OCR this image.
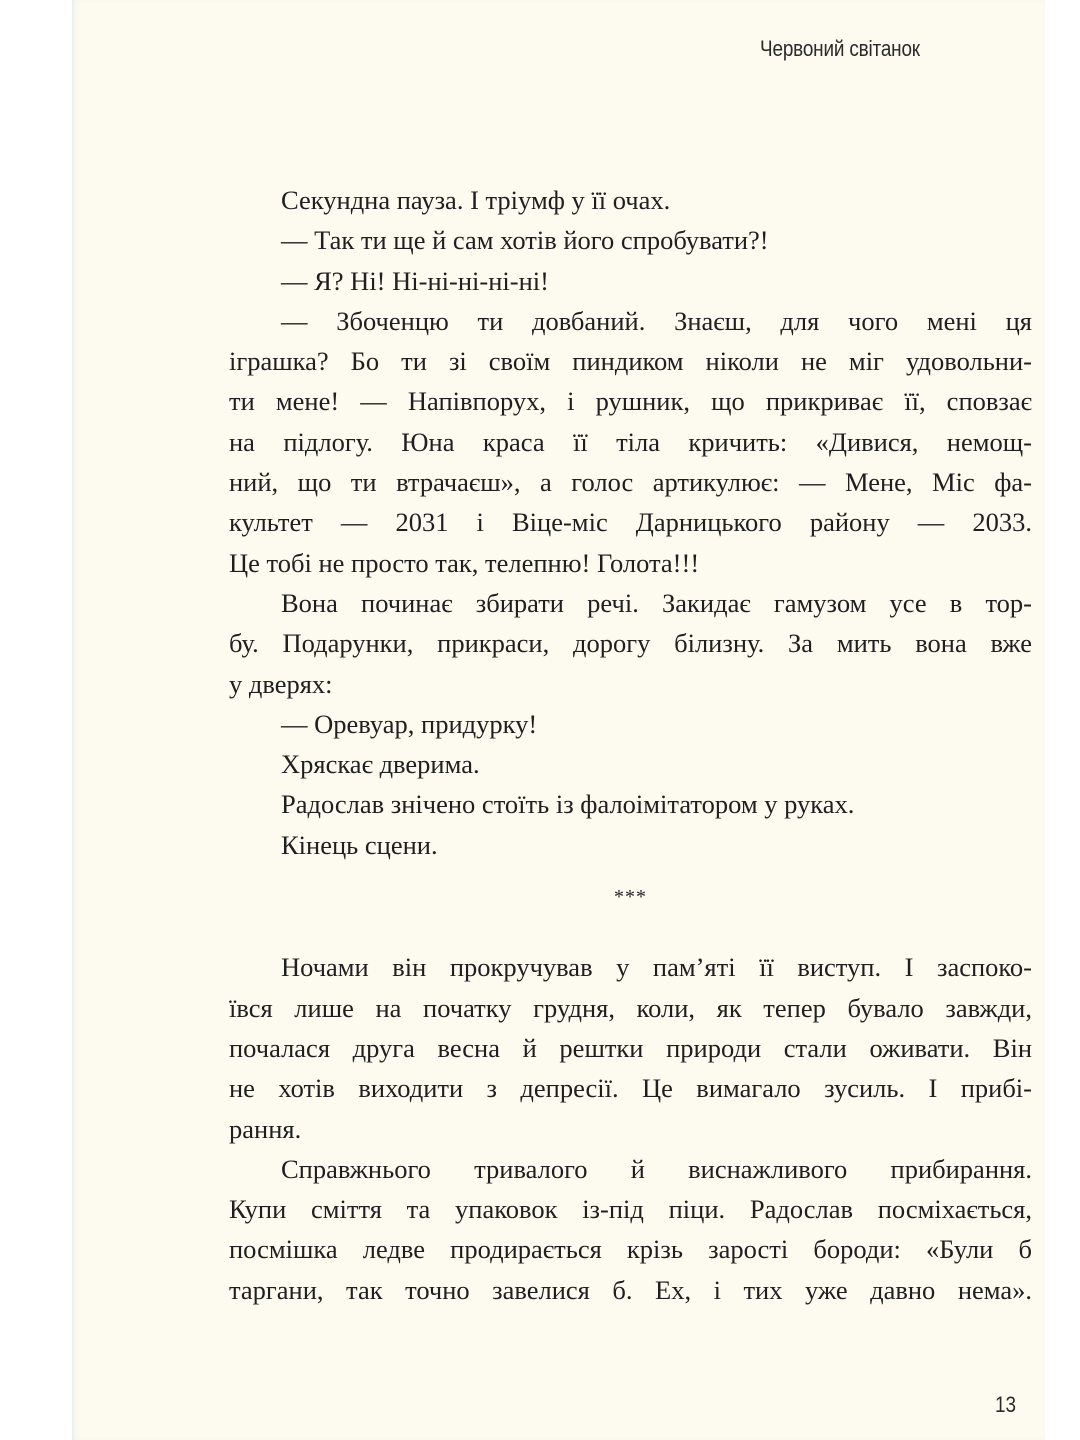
Червоний світанок
Секундна пауза. І тріумф у її очах.
— Так ти ще й сам хотів його спробувати?!
— Я? Ні! Ні-ні-ні-ні-ні!
— Збоченцю ти довбаний. Знаєш, для чого мені ця
іграшка? Бо ти зі своїм пиндиком ніколи не міг удовольни-
ти мене! — Напівпорух, і рушник, що прикриває її, сповзає
на підлогу. Юна краса її тіла кричить: «Дивися, немощ-
ний, що ти втрачаєш», а голос артикулює: — Мене, Міс фа-
культет — 2031 і Віце-міс Дарницького району — 2033.
Це тобі не просто так, телепню! Голота!!!
Вона починає збирати речі. Закидає гамузом усе в тор-
бу. Подарунки, прикраси, дорогу білизну. За мить вона вже
у дверях:
— Оревуар, придурку!
Хряскає дверима.
Радослав знічено стоїть із фалоімітатором у руках.
Кінець сцени.
***
Ночами він прокручував у пам’яті її виступ. І заспоко-
ївся лише на початку грудня, коли, як тепер бувало завжди,
почалася друга весна й рештки природи стали оживати. Він
не хотів виходити з депресії. Це вимагало зусиль. І прибі-
рання.
Справжнього тривалого й виснажливого прибирання.
Купи сміття та упаковок із-під піци. Радослав посміхається,
посмішка ледве продирається крізь зарості бороди: «Були б
таргани, так точно завелися б. Ех, і тих уже давно нема».
13
